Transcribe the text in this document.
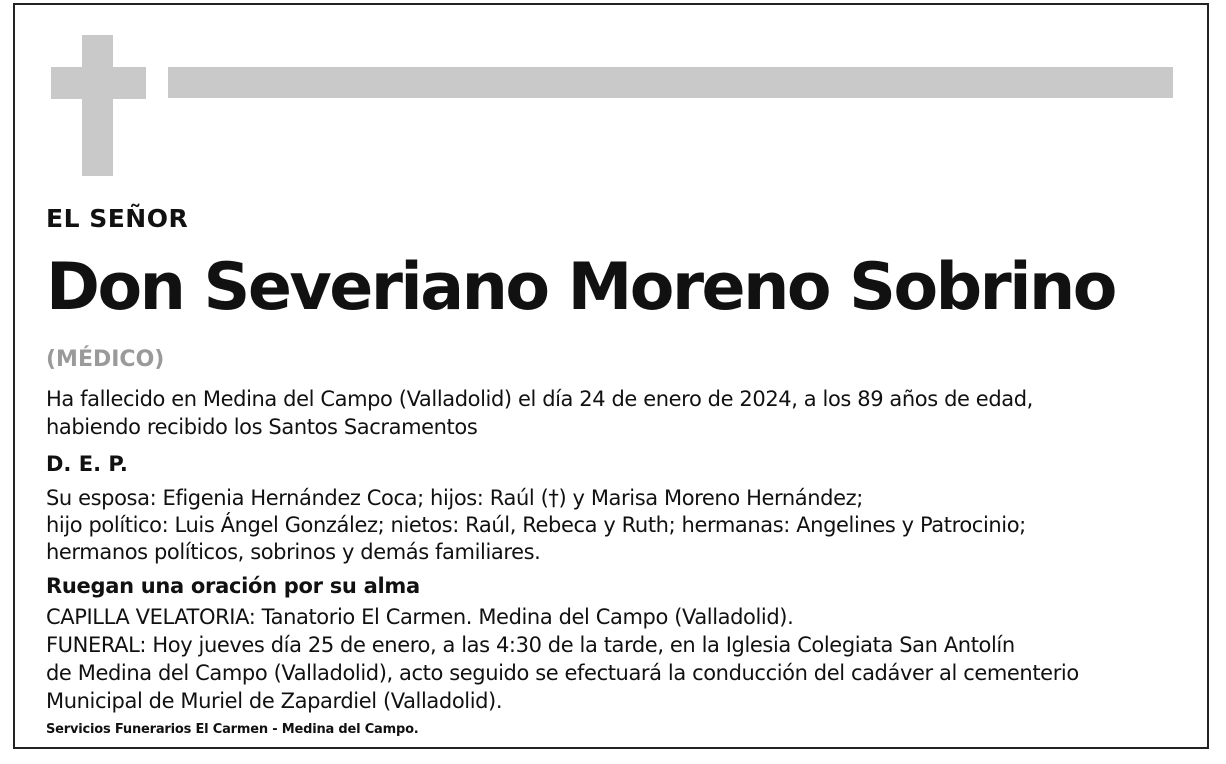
EL SEÑOR
Don Severiano Moreno Sobrino
(MÉDICO)
Ha fallecido en Medina del Campo (Valladolid) el día 24 de enero de 2024, a los 89 años de edad,
habiendo recibido los Santos Sacramentos
D. E. P.
Su esposa: Efigenia Hernández Coca; hijos: Raúl (†) y Marisa Moreno Hernández;
hijo político: Luis Ángel González; nietos: Raúl, Rebeca y Ruth; hermanas: Angelines y Patrocinio;
hermanos políticos, sobrinos y demás familiares.
Ruegan una oración por su alma
CAPILLA VELATORIA: Tanatorio El Carmen. Medina del Campo (Valladolid).
FUNERAL: Hoy jueves día 25 de enero, a las 4:30 de la tarde, en la Iglesia Colegiata San Antolín
de Medina del Campo (Valladolid), acto seguido se efectuará la conducción del cadáver al cementerio
Municipal de Muriel de Zapardiel (Valladolid).
Servicios Funerarios El Carmen - Medina del Campo.
